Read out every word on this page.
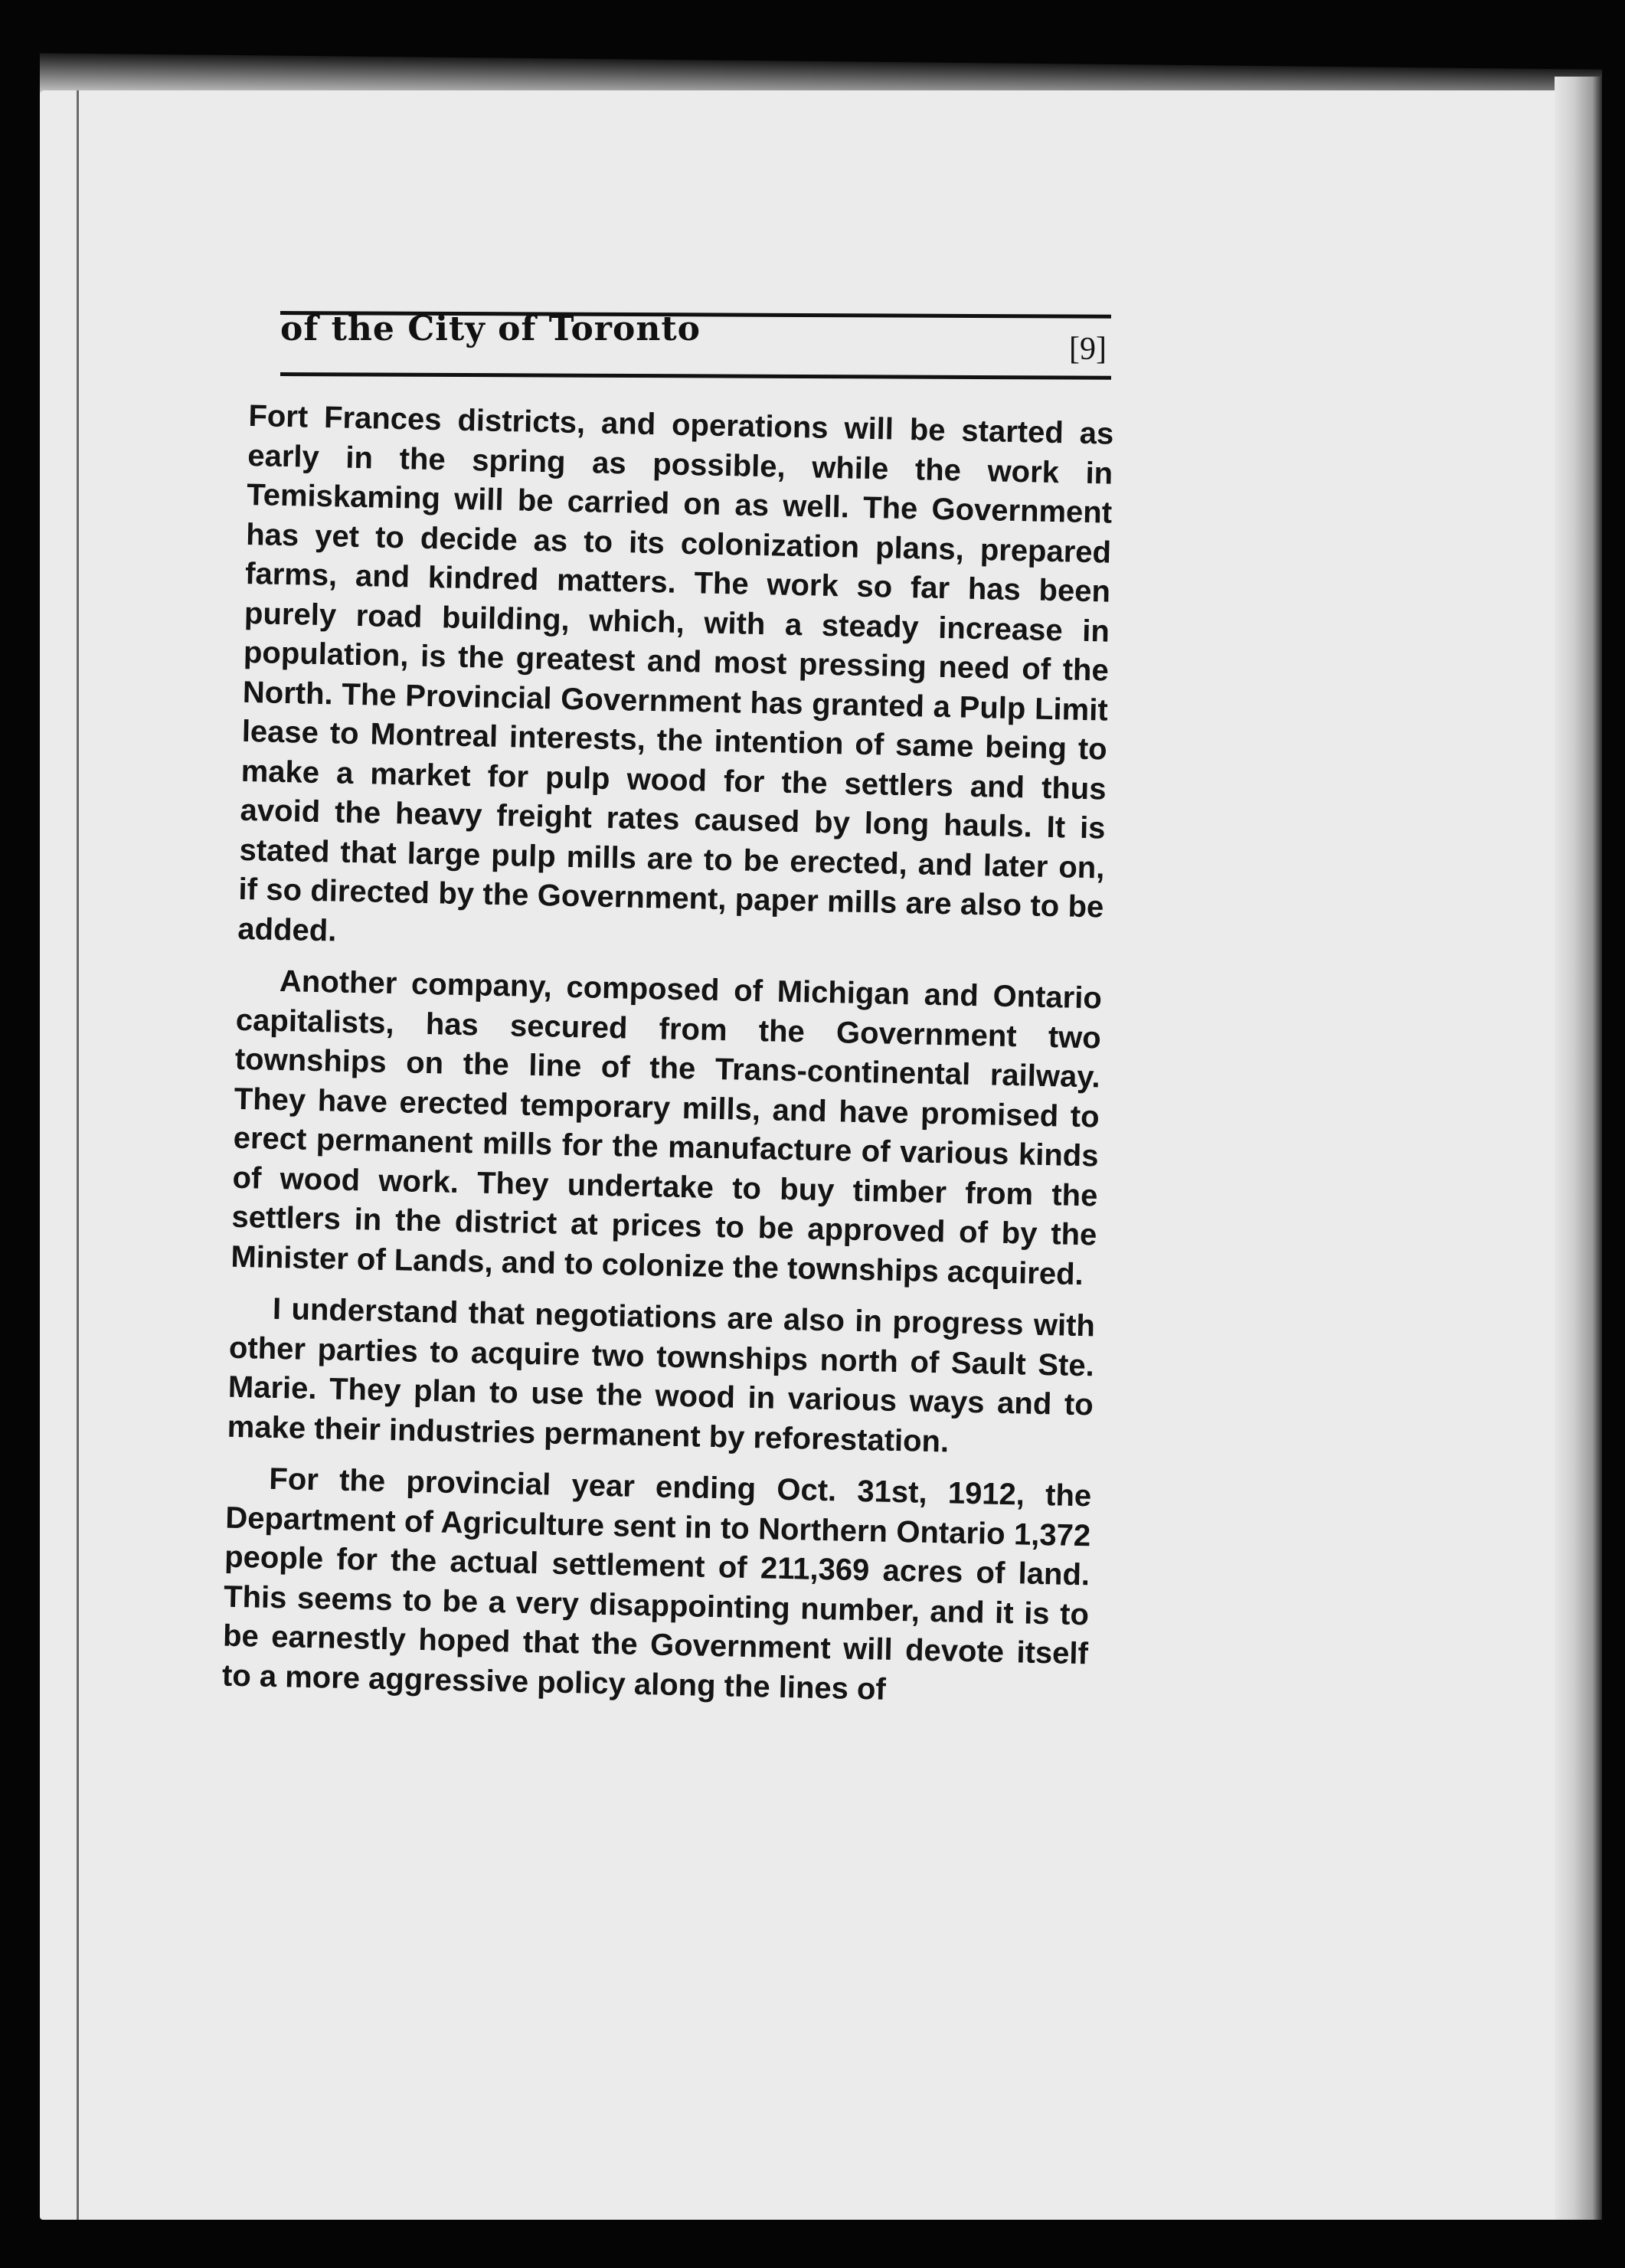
of the City of Toronto
[9]

Fort Frances districts, and operations will be started as early in the spring as possible, while the work in Temiskaming will be carried on as well. The Government has yet to decide as to its colonization plans, prepared farms, and kindred matters. The work so far has been purely road building, which, with a steady increase in population, is the greatest and most pressing need of the North. The Provincial Government has granted a Pulp Limit lease to Montreal interests, the intention of same being to make a market for pulp wood for the settlers and thus avoid the heavy freight rates caused by long hauls. It is stated that large pulp mills are to be erected, and later on, if so directed by the Government, paper mills are also to be added.

Another company, composed of Michigan and Ontario capitalists, has secured from the Government two townships on the line of the Trans-continental railway. They have erected temporary mills, and have promised to erect permanent mills for the manufacture of various kinds of wood work. They undertake to buy timber from the settlers in the district at prices to be approved of by the Minister of Lands, and to colonize the townships acquired.

I understand that negotiations are also in progress with other parties to acquire two townships north of Sault Ste. Marie. They plan to use the wood in various ways and to make their industries permanent by reforestation.

For the provincial year ending Oct. 31st, 1912, the Department of Agriculture sent in to Northern Ontario 1,372 people for the actual settlement of 211,369 acres of land. This seems to be a very disappointing number, and it is to be earnestly hoped that the Government will devote itself to a more aggressive policy along the lines of
